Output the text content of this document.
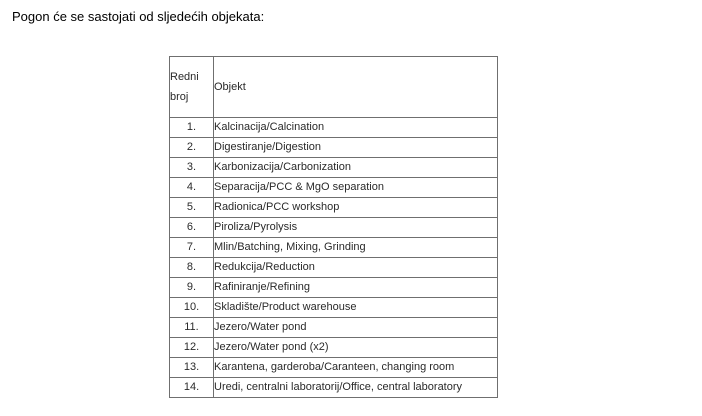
Pogon će se sastojati od sljedećih objekata:
Redni
broj	Objekt
1.	Kalcinacija/Calcination
2.	Digestiranje/Digestion
3.	Karbonizacija/Carbonization
4.	Separacija/PCC & MgO separation
5.	Radionica/PCC workshop
6.	Piroliza/Pyrolysis
7.	Mlin/Batching, Mixing, Grinding
8.	Redukcija/Reduction
9.	Rafiniranje/Refining
10.	Skladište/Product warehouse
11.	Jezero/Water pond
12.	Jezero/Water pond (x2)
13.	Karantena, garderoba/Caranteen, changing room
14.	Uredi, centralni laboratorij/Office, central laboratory
